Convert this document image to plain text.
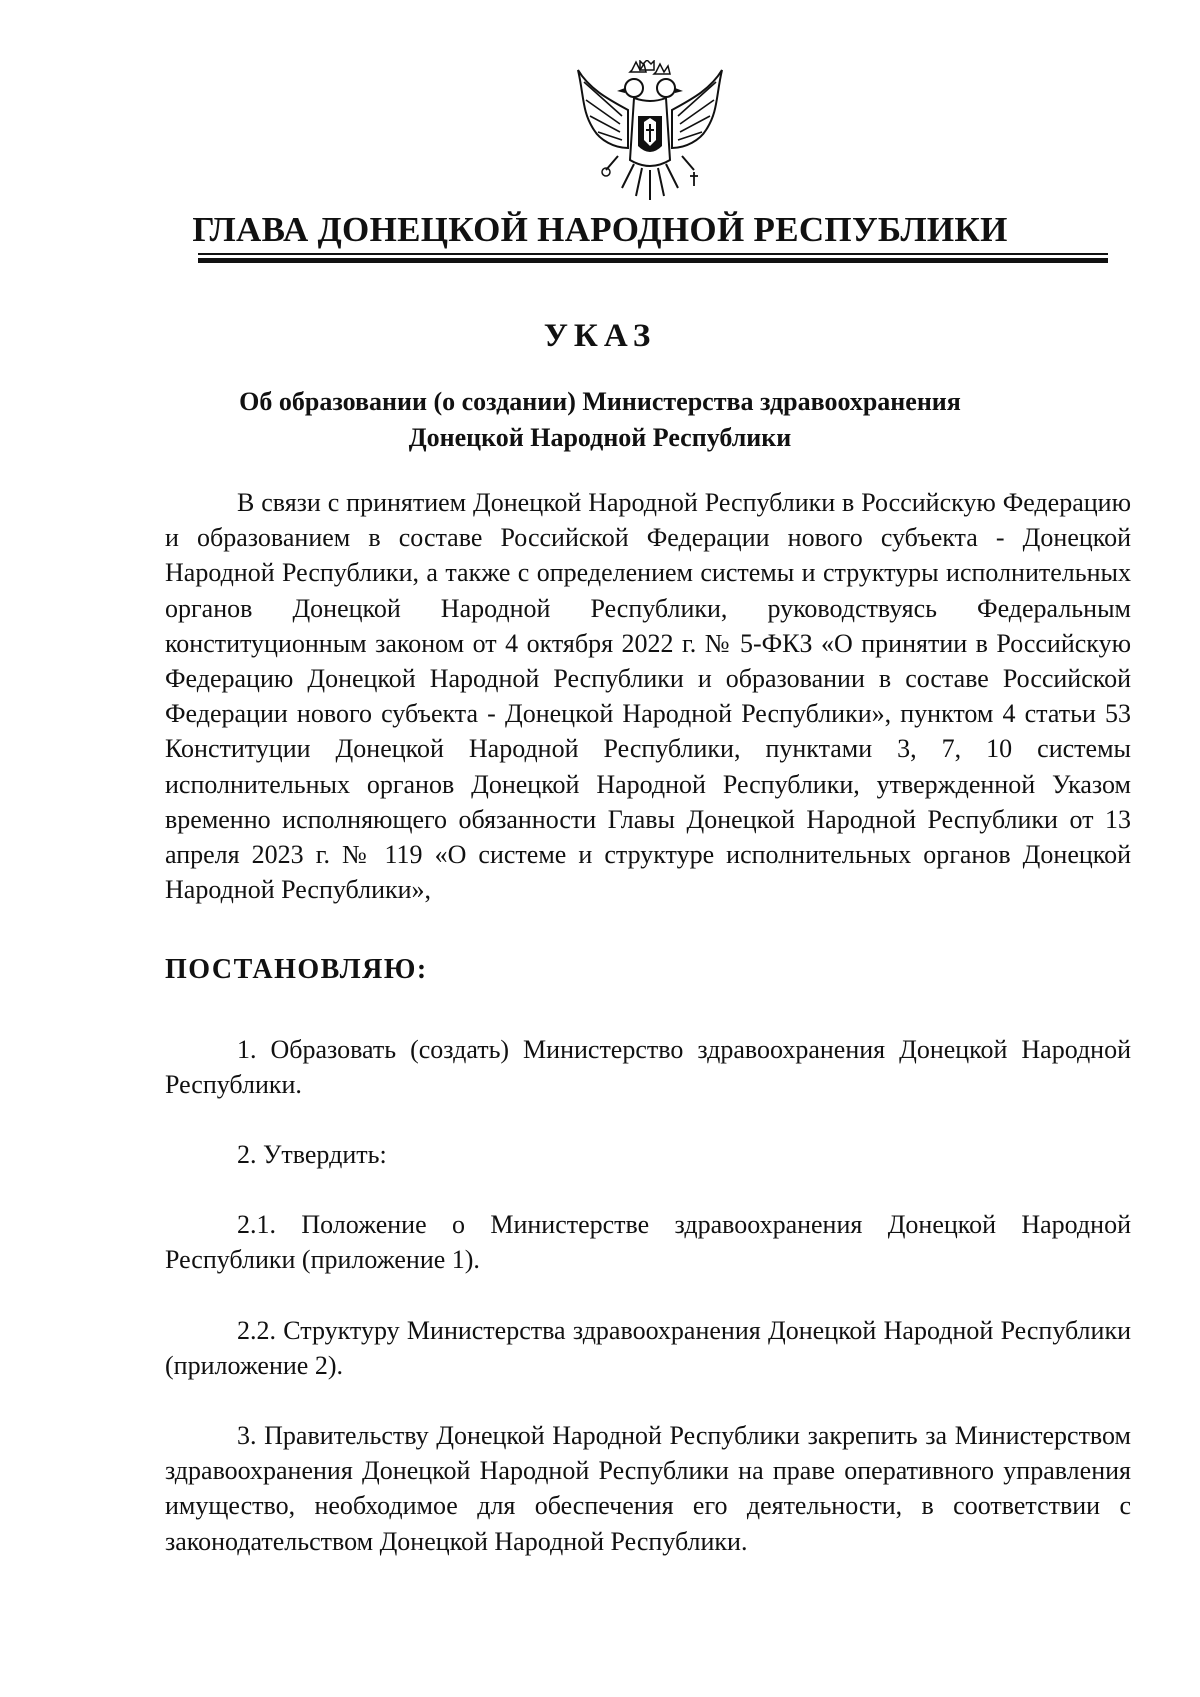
ГЛАВА ДОНЕЦКОЙ НАРОДНОЙ РЕСПУБЛИКИ
УКАЗ
Об образовании (о создании) Министерства здравоохранения
Донецкой Народной Республики

В связи с принятием Донецкой Народной Республики в Российскую Федерацию и образованием в составе Российской Федерации нового субъекта - Донецкой Народной Республики, а также с определением системы и структуры исполнительных органов Донецкой Народной Республики, руководствуясь Федеральным конституционным законом от 4 октября 2022 г. № 5-ФКЗ «О принятии в Российскую Федерацию Донецкой Народной Республики и образовании в составе Российской Федерации нового субъекта - Донецкой Народной Республики», пунктом 4 статьи 53 Конституции Донецкой Народной Республики, пунктами 3, 7, 10 системы исполнительных органов Донецкой Народной Республики, утвержденной Указом временно исполняющего обязанности Главы Донецкой Народной Республики от 13 апреля 2023 г. № 119 «О системе и структуре исполнительных органов Донецкой Народной Республики»,

ПОСТАНОВЛЯЮ:

1. Образовать (создать) Министерство здравоохранения Донецкой Народной Республики.

2. Утвердить:

2.1. Положение о Министерстве здравоохранения Донецкой Народной Республики (приложение 1).

2.2. Структуру Министерства здравоохранения Донецкой Народной Республики (приложение 2).

3. Правительству Донецкой Народной Республики закрепить за Министерством здравоохранения Донецкой Народной Республики на праве оперативного управления имущество, необходимое для обеспечения его деятельности, в соответствии с законодательством Донецкой Народной Республики.
